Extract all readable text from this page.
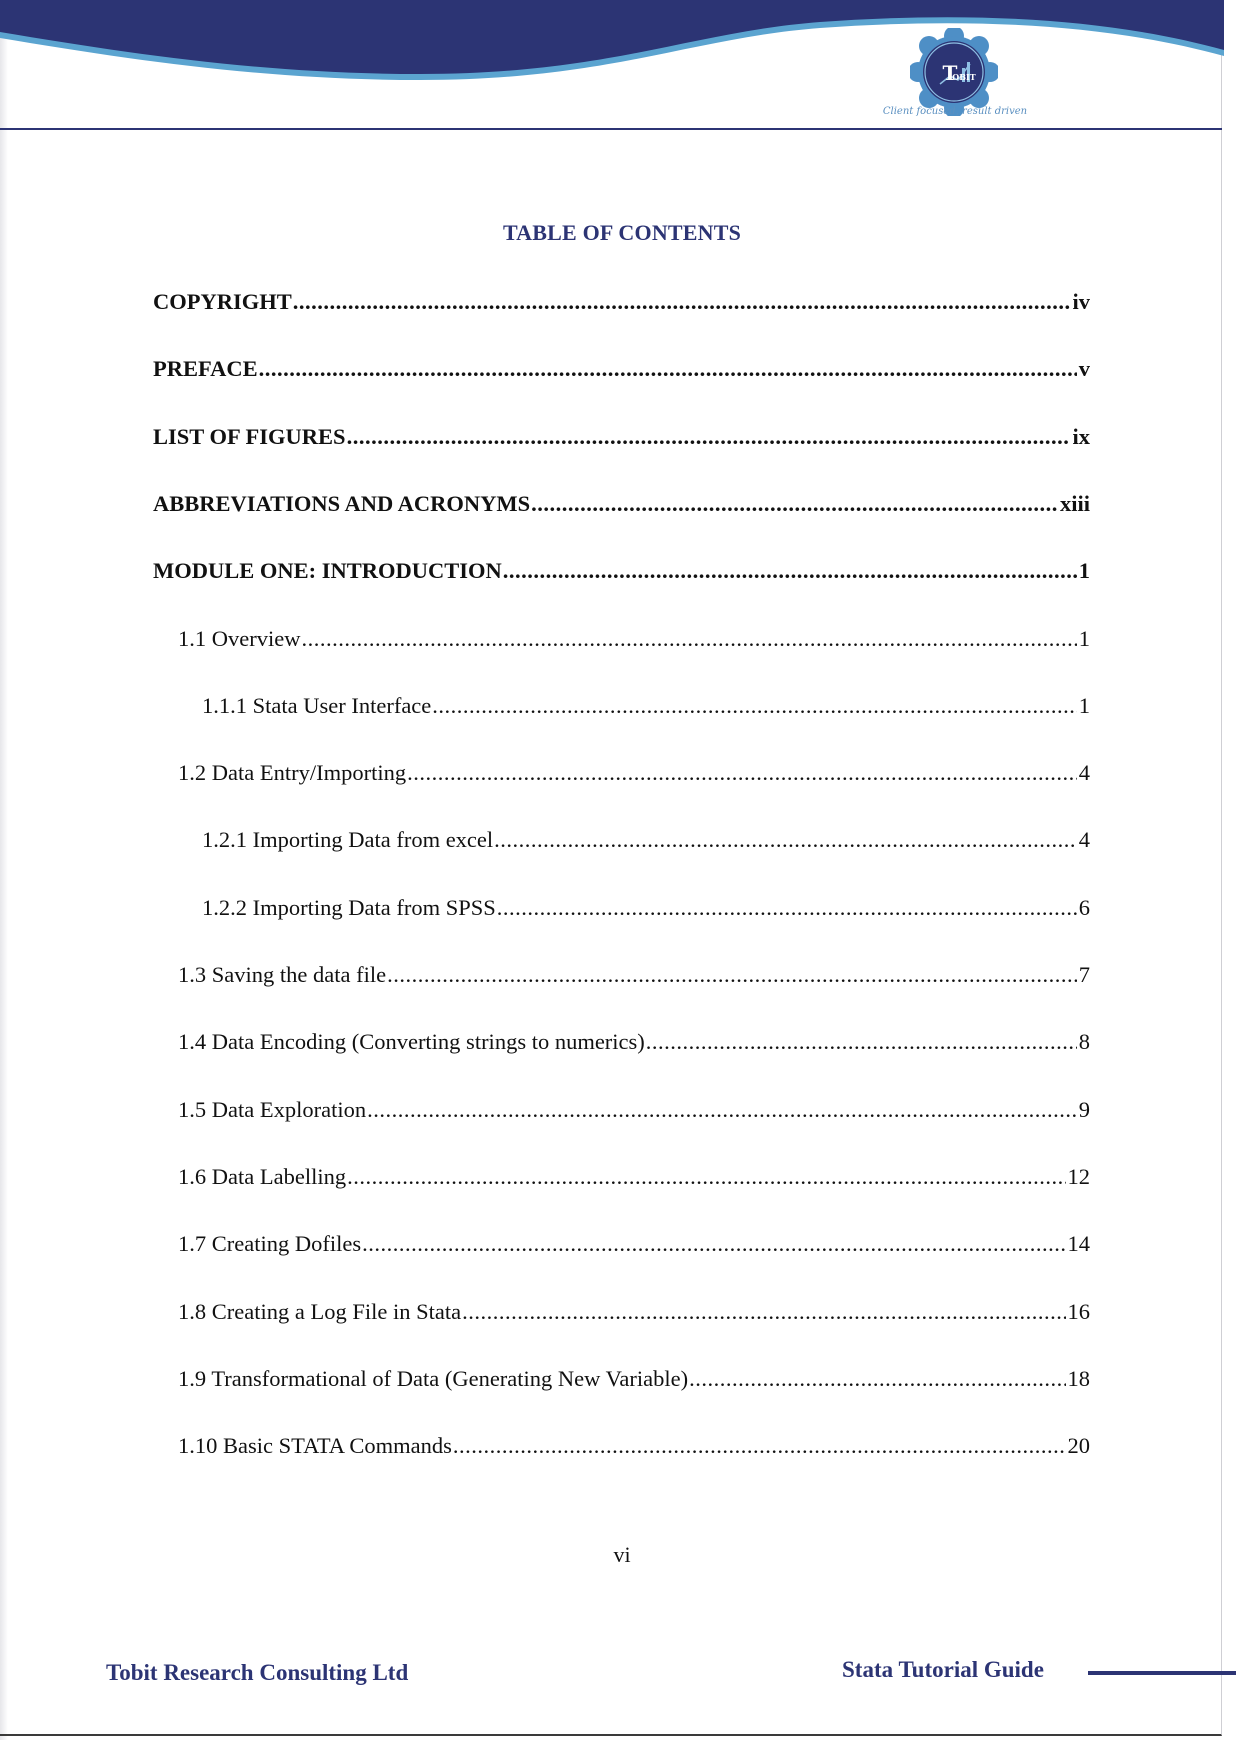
T
OBIT
Client focused, result driven
TABLE OF CONTENTS
COPYRIGHT .....	iv
PREFACE .....	v
LIST OF FIGURES .....	ix
ABBREVIATIONS AND ACRONYMS .....	xiii
MODULE ONE: INTRODUCTION .....	1
1.1 Overview .....	1
1.1.1 Stata User Interface .....	1
1.2 Data Entry/Importing .....	4
1.2.1 Importing Data from excel .....	4
1.2.2 Importing Data from SPSS .....	6
1.3 Saving the data file .....	7
1.4 Data Encoding (Converting strings to numerics) .....	8
1.5 Data Exploration .....	9
1.6 Data Labelling .....	12
1.7 Creating Dofiles .....	14
1.8 Creating a Log File in Stata .....	16
1.9 Transformational of Data (Generating New Variable) .....	18
1.10 Basic STATA Commands .....	20
vi
Tobit Research Consulting Ltd	Stata Tutorial Guide
